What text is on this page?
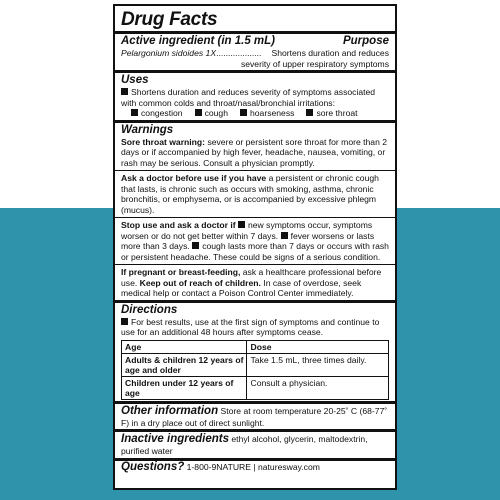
Drug Facts
Active ingredient (in 1.5 mL)	Purpose
Pelargonium sidoides 1X ...................	Shortens duration and reduces
severity of upper respiratory symptoms
Uses

Shortens duration and reduces severity of symptoms associated with common colds and throat/nasal/bronchial irritations:

congestion	cough	hoarseness	sore throat
Warnings

Sore throat warning: severe or persistent sore throat for more than 2 days or if accompanied by high fever, headache, nausea, vomiting, or rash may be serious. Consult a physician promptly.

Ask a doctor before use if you have a persistent or chronic cough that lasts, is chronic such as occurs with smoking, asthma, chronic bronchitis, or emphysema, or is accompanied by excessive phlegm (mucus).

Stop use and ask a doctor if new symptoms occur, symptoms worsen or do not get better within 7 days. fever worsens or lasts more than 3 days. cough lasts more than 7 days or occurs with rash or persistent headache. These could be signs of a serious condition.

If pregnant or breast-feeding, ask a healthcare professional before use. Keep out of reach of children. In case of overdose, seek medical help or contact a Poison Control Center immediately.

Directions

For best results, use at the first sign of symptoms and continue to use for an additional 48 hours after symptoms cease.

Age	Dose
Adults & children 12 years of age and older	Take 1.5 mL, three times daily.
Children under 12 years of age	Consult a physician.

Other information Store at room temperature 20-25˚ C (68-77˚ F) in a dry place out of direct sunlight.

Inactive ingredients ethyl alcohol, glycerin, maltodextrin, purified water

Questions? 1-800-9NATURE | naturesway.com
